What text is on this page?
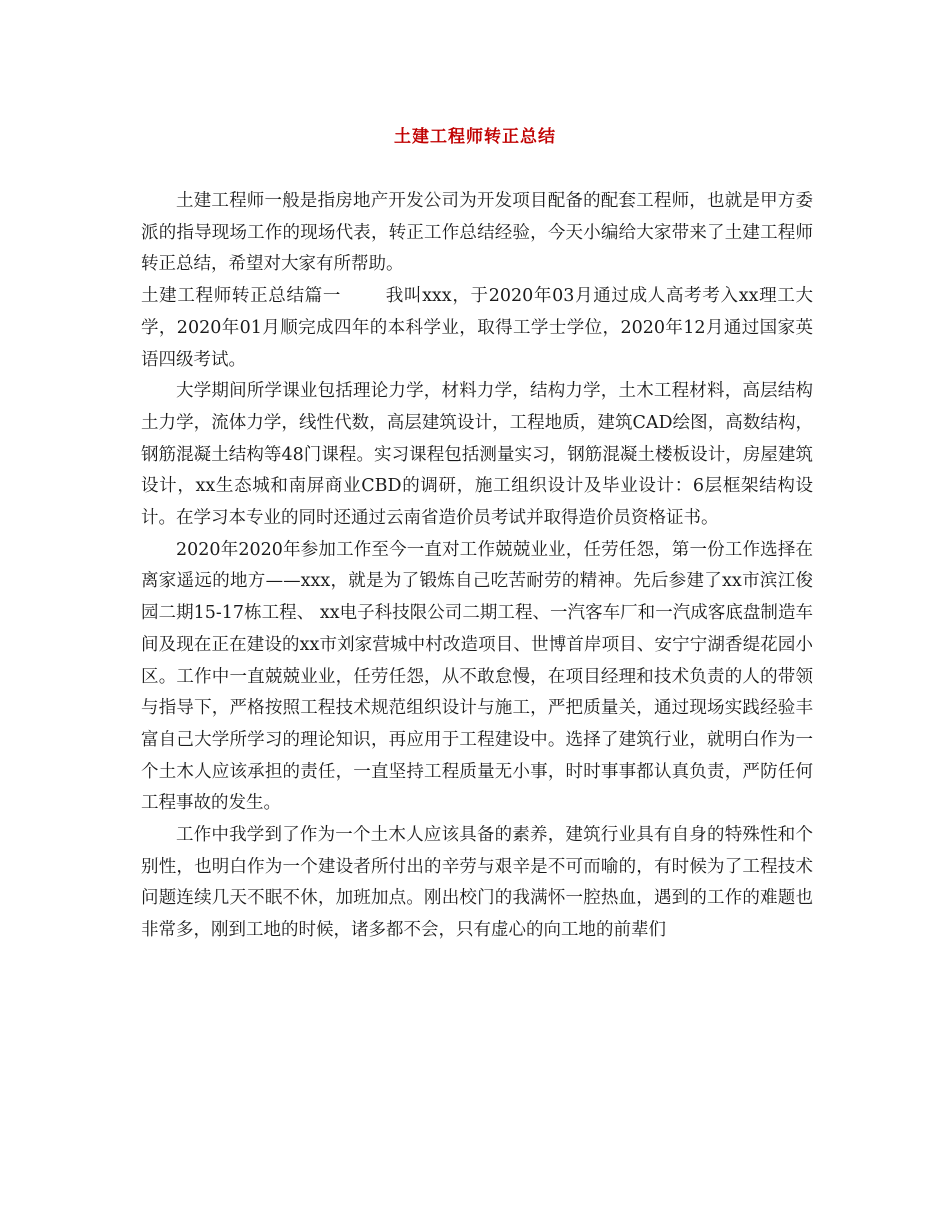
土建工程师转正总结

土建工程师一般是指房地产开发公司为开发项目配备的配套工程师，也就是甲方委派的指导现场工作的现场代表，转正工作总结经验，今天小编给大家带来了土建工程师转正总结，希望对大家有所帮助。

土建工程师转正总结篇一	我叫xxx，于2020年03月通过成人高考考入xx理工大学，2020年01月顺完成四年的本科学业，取得工学士学位，2020年12月通过国家英语四级考试。

大学期间所学课业包括理论力学，材料力学，结构力学，土木工程材料，高层结构土力学，流体力学，线性代数，高层建筑设计，工程地质，建筑CAD绘图，高数结构，钢筋混凝土结构等48门课程。实习课程包括测量实习，钢筋混凝土楼板设计，房屋建筑设计，xx生态城和南屏商业CBD的调研，施工组织设计及毕业设计：6层框架结构设计。在学习本专业的同时还通过云南省造价员考试并取得造价员资格证书。

2020年2020年参加工作至今一直对工作兢兢业业，任劳任怨，第一份工作选择在离家遥远的地方——xxx，就是为了锻炼自己吃苦耐劳的精神。先后参建了xx市滨江俊园二期15-17栋工程、 xx电子科技限公司二期工程、一汽客车厂和一汽成客底盘制造车间及现在正在建设的xx市刘家营城中村改造项目、世博首岸项目、安宁宁湖香缇花园小区。工作中一直兢兢业业，任劳任怨，从不敢怠慢，在项目经理和技术负责的人的带领与指导下，严格按照工程技术规范组织设计与施工，严把质量关，通过现场实践经验丰富自己大学所学习的理论知识，再应用于工程建设中。选择了建筑行业，就明白作为一个土木人应该承担的责任，一直坚持工程质量无小事，时时事事都认真负责，严防任何工程事故的发生。

工作中我学到了作为一个土木人应该具备的素养，建筑行业具有自身的特殊性和个别性，也明白作为一个建设者所付出的辛劳与艰辛是不可而喻的，有时候为了工程技术问题连续几天不眠不休，加班加点。刚出校门的我满怀一腔热血，遇到的工作的难题也非常多，刚到工地的时候，诸多都不会，只有虚心的向工地的前辈们
